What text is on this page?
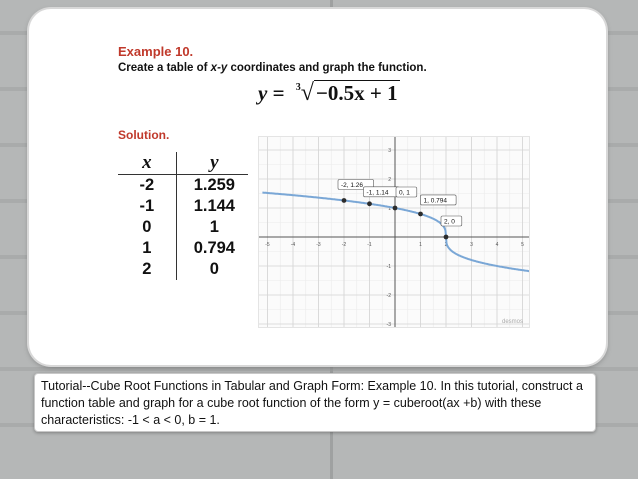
Example 10.
Create a table of x-y coordinates and graph the function.
y = $^3$√−0.5x + 1
Solution.
x	y
-2	1.259
-1	1.144
0	1
1	0.794
2	0
-5	-4	-3	-2	-1	1	2	3	4	5
3
2
1
-1
-2
-3
-2, 1.26
-1, 1.14 0, 1
1, 0.794
2, 0
desmos
Tutorial--Cube Root Functions in Tabular and Graph Form: Example 10. In this tutorial, construct a function table and graph for a cube root function of the form y = cuberoot(ax +b) with these characteristics: -1 < a < 0, b = 1.
